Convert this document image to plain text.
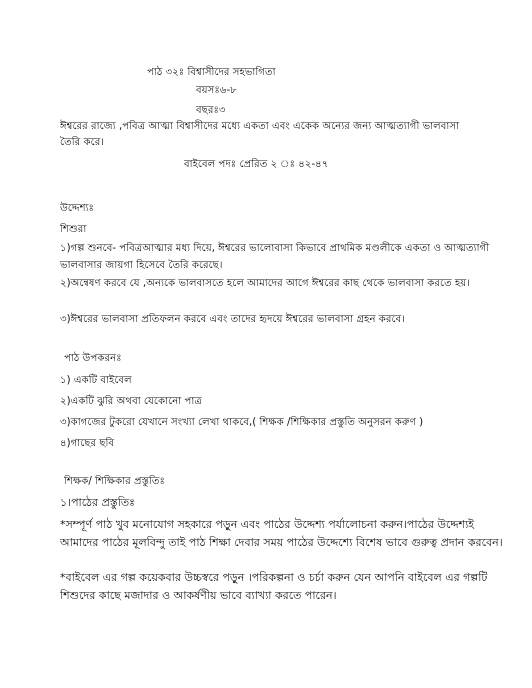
পাঠ ৩২ঃ বিশ্বাসীদের সহভাগিতা

বয়সঃ৬-৮

বছরঃ৩

ঈশ্বরের রাজ্যে ,পবিত্র আত্মা বিশ্বাসীদের মধ্যে একতা এবং একেক অন্যের জন্য আত্মত্যাগী ভালবাসা তৈরি করে।

বাইবেল পদঃ প্রেরিত ২ ঃ ৪২-৪৭

উদ্দেশ্যঃ

শিশুরা

১)গল্প শুনবে- পবিত্রআত্মার মধ্য দিয়ে, ঈশ্বরের ভালোবাসা কিভাবে প্রাথমিক মণ্ডলীকে একতা ও আত্মত্যাগী ভালবাসার জায়গা হিসেবে তৈরি করেছে।

২)অন্বেষণ করবে যে ,অন্যকে ভালবাসতে হলে আমাদের আগে ঈশ্বরের কাছ থেকে ভালবাসা করতে হয়।

৩)ঈশ্বরের ভালবাসা প্রতিফলন করবে এবং তাদের হৃদয়ে ঈশ্বরের ভালবাসা গ্রহন করবে।

পাঠ উপকরনঃ

১) একটি বাইবেল

২)একটি ঝুরি অথবা যেকোনো পাত্র

৩)কাগজের টুকরো যেখানে সংখ্যা লেখা থাকবে,( শিক্ষক /শিক্ষিকার প্রস্তুতি অনুসরন করুণ )

৪)গাছের ছবি

শিক্ষক/ শিক্ষিকার প্রস্তুতিঃ

১।পাঠের প্রস্তুতিঃ

*সম্পূর্ণ পাঠ খুব মনোযোগ সহকারে পড়ুন এবং পাঠের উদ্দেশ্য পর্যালোচনা করুন।পাঠের উদ্দেশ্যই আমাদের পাঠের মূলবিন্দু তাই পাঠ শিক্ষা দেবার সময় পাঠের উদ্দেশ্যে বিশেষ ভাবে গুরুত্ব প্রদান করবেন।

*বাইবেল এর গল্প কয়েকবার উচ্চস্বরে পড়ুন ।পরিকল্পনা ও চর্চা করুন যেন আপনি বাইবেল এর গল্পটি শিশুদের কাছে মজাদার ও আকর্ষণীয় ভাবে ব্যাখ্যা করতে পারেন।
